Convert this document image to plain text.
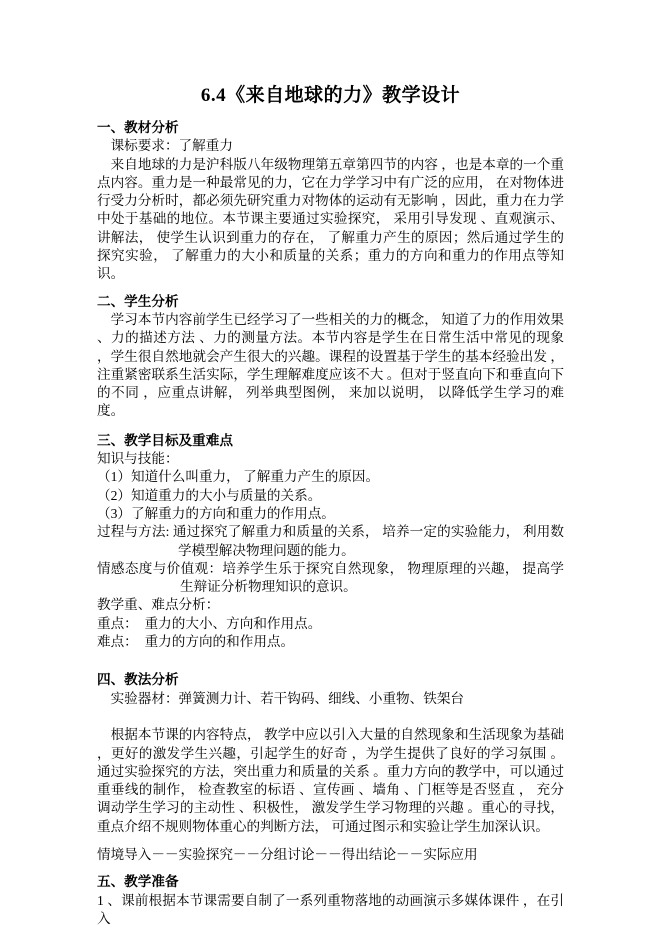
6.4《来自地球的力》教学设计
一、教材分析

课标要求：了解重力

来自地球的力是沪科版八年级物理第五章第四节的内容 ，也是本章的一个重点内容。重力是一种最常见的力，它在力学学习中有广泛的应用， 在对物体进行受力分析时，都必须先研究重力对物体的运动有无影响 ，因此，重力在力学中处于基础的地位。本节课主要通过实验探究， 采用引导发现 、直观演示、讲解法， 使学生认识到重力的存在， 了解重力产生的原因；然后通过学生的探究实验， 了解重力的大小和质量的关系；重力的方向和重力的作用点等知识。

二、学生分析

学习本节内容前学生已经学习了一些相关的力的概念， 知道了力的作用效果 、力的描述方法 、力的测量方法。本节内容是学生在日常生活中常见的现象 ，学生很自然地就会产生很大的兴趣。课程的设置基于学生的基本经验出发 ，注重紧密联系生活实际，学生理解难度应该不大 。但对于竖直向下和垂直向下的不同 ，应重点讲解， 列举典型图例， 来加以说明， 以降低学生学习的难度。

三、教学目标及重难点

知识与技能：

（1）知道什么叫重力， 了解重力产生的原因。

（2）知道重力的大小与质量的关系。

（3）了解重力的方向和重力的作用点。

过程与方法: 通过探究了解重力和质量的关系， 培养一定的实验能力， 利用数学模型解决物理问题的能力。

情感态度与价值观：培养学生乐于探究自然现象， 物理原理的兴趣， 提高学生辩证分析物理知识的意识。

教学重、难点分析：

重点：  重力的大小、方向和作用点。

难点：  重力的方向的和作用点。

四、教法分析

实验器材：弹簧测力计、若干钩码、细线、小重物、铁架台

根据本节课的内容特点， 教学中应以引入大量的自然现象和生活现象为基础 ，更好的激发学生兴趣，引起学生的好奇 ，为学生提供了良好的学习氛围 。通过实验探究的方法，突出重力和质量的关系 。重力方向的教学中，可以通过重垂线的制作， 检查教室的标语 、宣传画 、墙角 、门框等是否竖直 ， 充分调动学生学习的主动性 、积极性， 激发学生学习物理的兴趣 。重心的寻找， 重点介绍不规则物体重心的判断方法， 可通过图示和实验让学生加深认识。

情境导入－－实验探究－－分组讨论－－得出结论－－实际应用

五、教学准备

1 、课前根据本节课需要自制了一系列重物落地的动画演示多媒体课件 ，在引入
